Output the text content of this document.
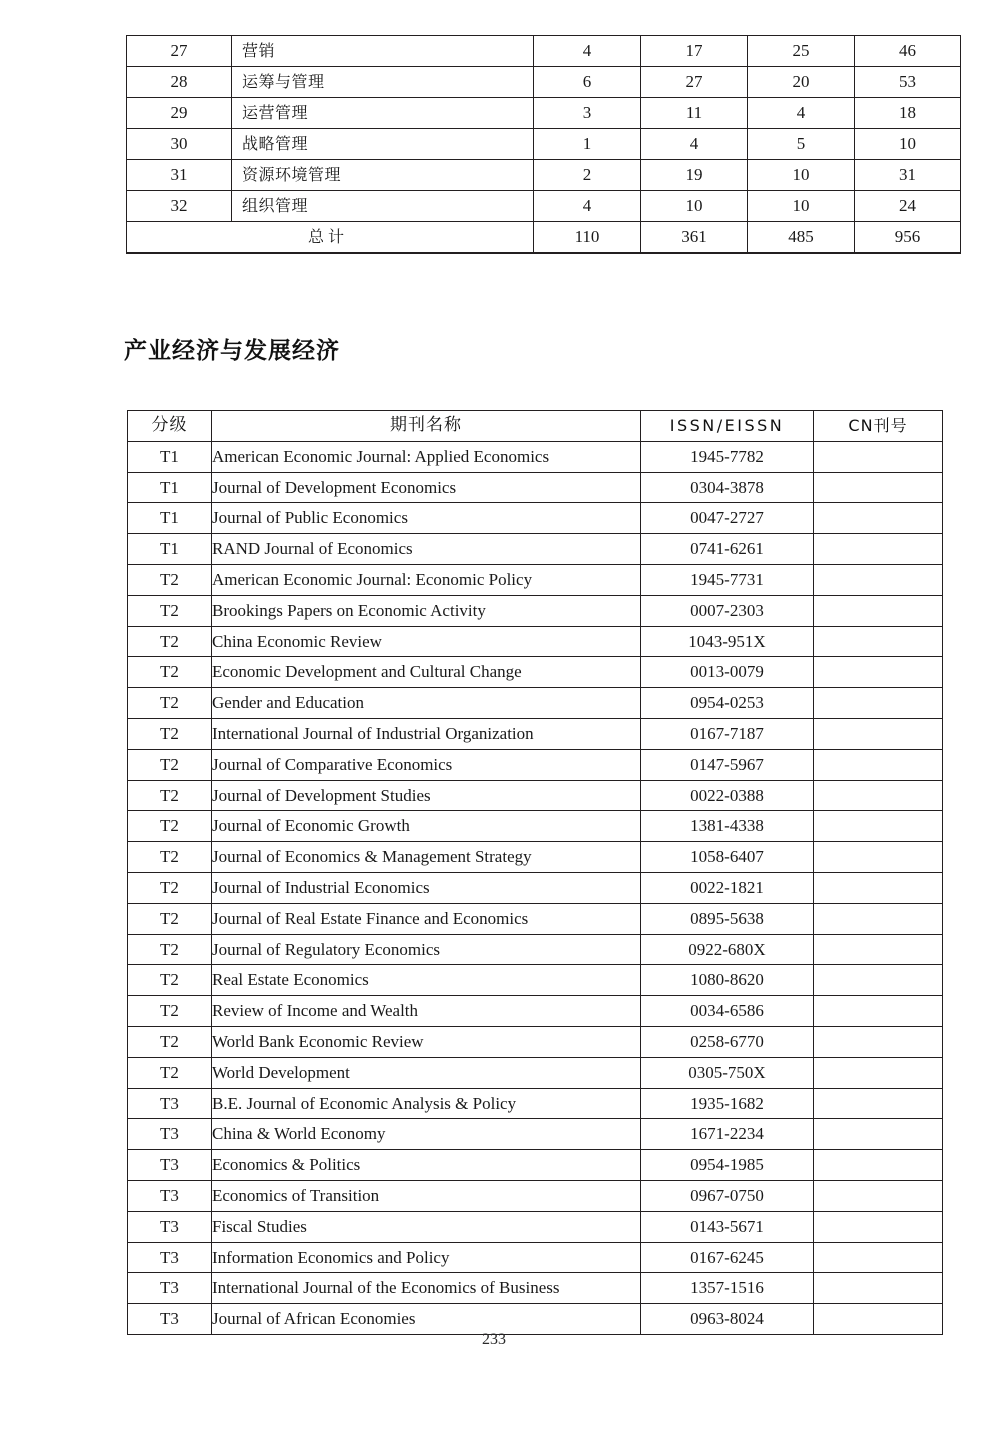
27	营销	4	17	25	46
28	运筹与管理	6	27	20	53
29	运营管理	3	11	4	18
30	战略管理	1	4	5	10
31	资源环境管理	2	19	10	31
32	组织管理	4	10	10	24
总计		110	361	485	956
产业经济与发展经济
分级	期刊名称	ISSN/EISSN	CN刊号
T1	American Economic Journal: Applied Economics	1945-7782	
T1	Journal of Development Economics	0304-3878	
T1	Journal of Public Economics	0047-2727	
T1	RAND Journal of Economics	0741-6261	
T2	American Economic Journal: Economic Policy	1945-7731	
T2	Brookings Papers on Economic Activity	0007-2303	
T2	China Economic Review	1043-951X	
T2	Economic Development and Cultural Change	0013-0079	
T2	Gender and Education	0954-0253	
T2	International Journal of Industrial Organization	0167-7187	
T2	Journal of Comparative Economics	0147-5967	
T2	Journal of Development Studies	0022-0388	
T2	Journal of Economic Growth	1381-4338	
T2	Journal of Economics & Management Strategy	1058-6407	
T2	Journal of Industrial Economics	0022-1821	
T2	Journal of Real Estate Finance and Economics	0895-5638	
T2	Journal of Regulatory Economics	0922-680X	
T2	Real Estate Economics	1080-8620	
T2	Review of Income and Wealth	0034-6586	
T2	World Bank Economic Review	0258-6770	
T2	World Development	0305-750X	
T3	B.E. Journal of Economic Analysis & Policy	1935-1682	
T3	China & World Economy	1671-2234	
T3	Economics & Politics	0954-1985	
T3	Economics of Transition	0967-0750	
T3	Fiscal Studies	0143-5671	
T3	Information Economics and Policy	0167-6245	
T3	International Journal of the Economics of Business	1357-1516	
T3	Journal of African Economies	0963-8024	
233
